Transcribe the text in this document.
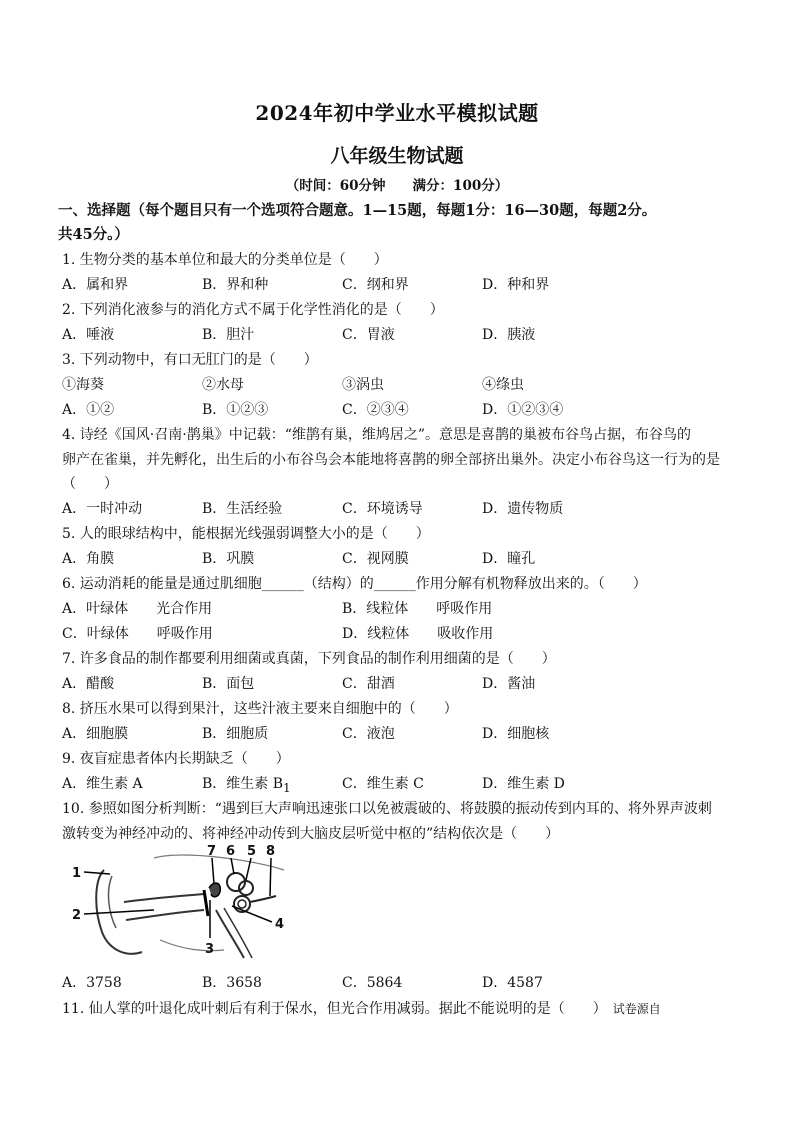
2024年初中学业水平模拟试题
八年级生物试题
（时间：60分钟　　满分：100分）
一、选择题（每个题目只有一个选项符合题意。1—15题，每题1分：16—30题，每题2分。
共45分。）
1. 生物分类的基本单位和最大的分类单位是（　　）
A．属和界	B．界和种	C．纲和界	D．种和界
2. 下列消化液参与的消化方式不属于化学性消化的是（　　）
A．唾液	B．胆汁	C．胃液	D．胰液
3. 下列动物中，有口无肛门的是（　　）
①海葵	②水母	③涡虫	④绦虫
A．①②	B．①②③	C．②③④	D．①②③④
4. 诗经《国风·召南·鹊巢》中记载：“维鹊有巢，维鸠居之”。意思是喜鹊的巢被布谷鸟占据，布谷鸟的
卵产在雀巢，并先孵化，出生后的小布谷鸟会本能地将喜鹊的卵全部挤出巢外。决定小布谷鸟这一行为的是
（　　）
A．一时冲动	B．生活经验	C．环境诱导	D．遗传物质
5. 人的眼球结构中，能根据光线强弱调整大小的是（　　）
A．角膜	B．巩膜	C．视网膜	D．瞳孔
6. 运动消耗的能量是通过肌细胞______（结构）的______作用分解有机物释放出来的。（　　）
A．叶绿体　　光合作用	B．线粒体　　呼吸作用
C．叶绿体　　呼吸作用	D．线粒体　　吸收作用
7. 许多食品的制作都要利用细菌或真菌，下列食品的制作利用细菌的是（　　）
A．醋酸	B．面包	C．甜酒	D．酱油
8. 挤压水果可以得到果汁，这些汁液主要来自细胞中的（　　）
A．细胞膜	B．细胞质	C．液泡	D．细胞核
9. 夜盲症患者体内长期缺乏（　　）
A．维生素 A	B．维生素 $B_1$	C．维生素 C	D．维生素 D
10. 参照如图分析判断：“遇到巨大声响迅速张口以免被震破的、将鼓膜的振动传到内耳的、将外界声波刺
激转变为神经冲动的、将神经冲动传到大脑皮层听觉中枢的”结构依次是（　　）
1
2
3
4
5
6
7	8
A．3758	B．3658	C．5864	D．4587
11. 仙人掌的叶退化成叶刺后有利于保水，但光合作用减弱。据此不能说明的是（　　） 试卷源自
